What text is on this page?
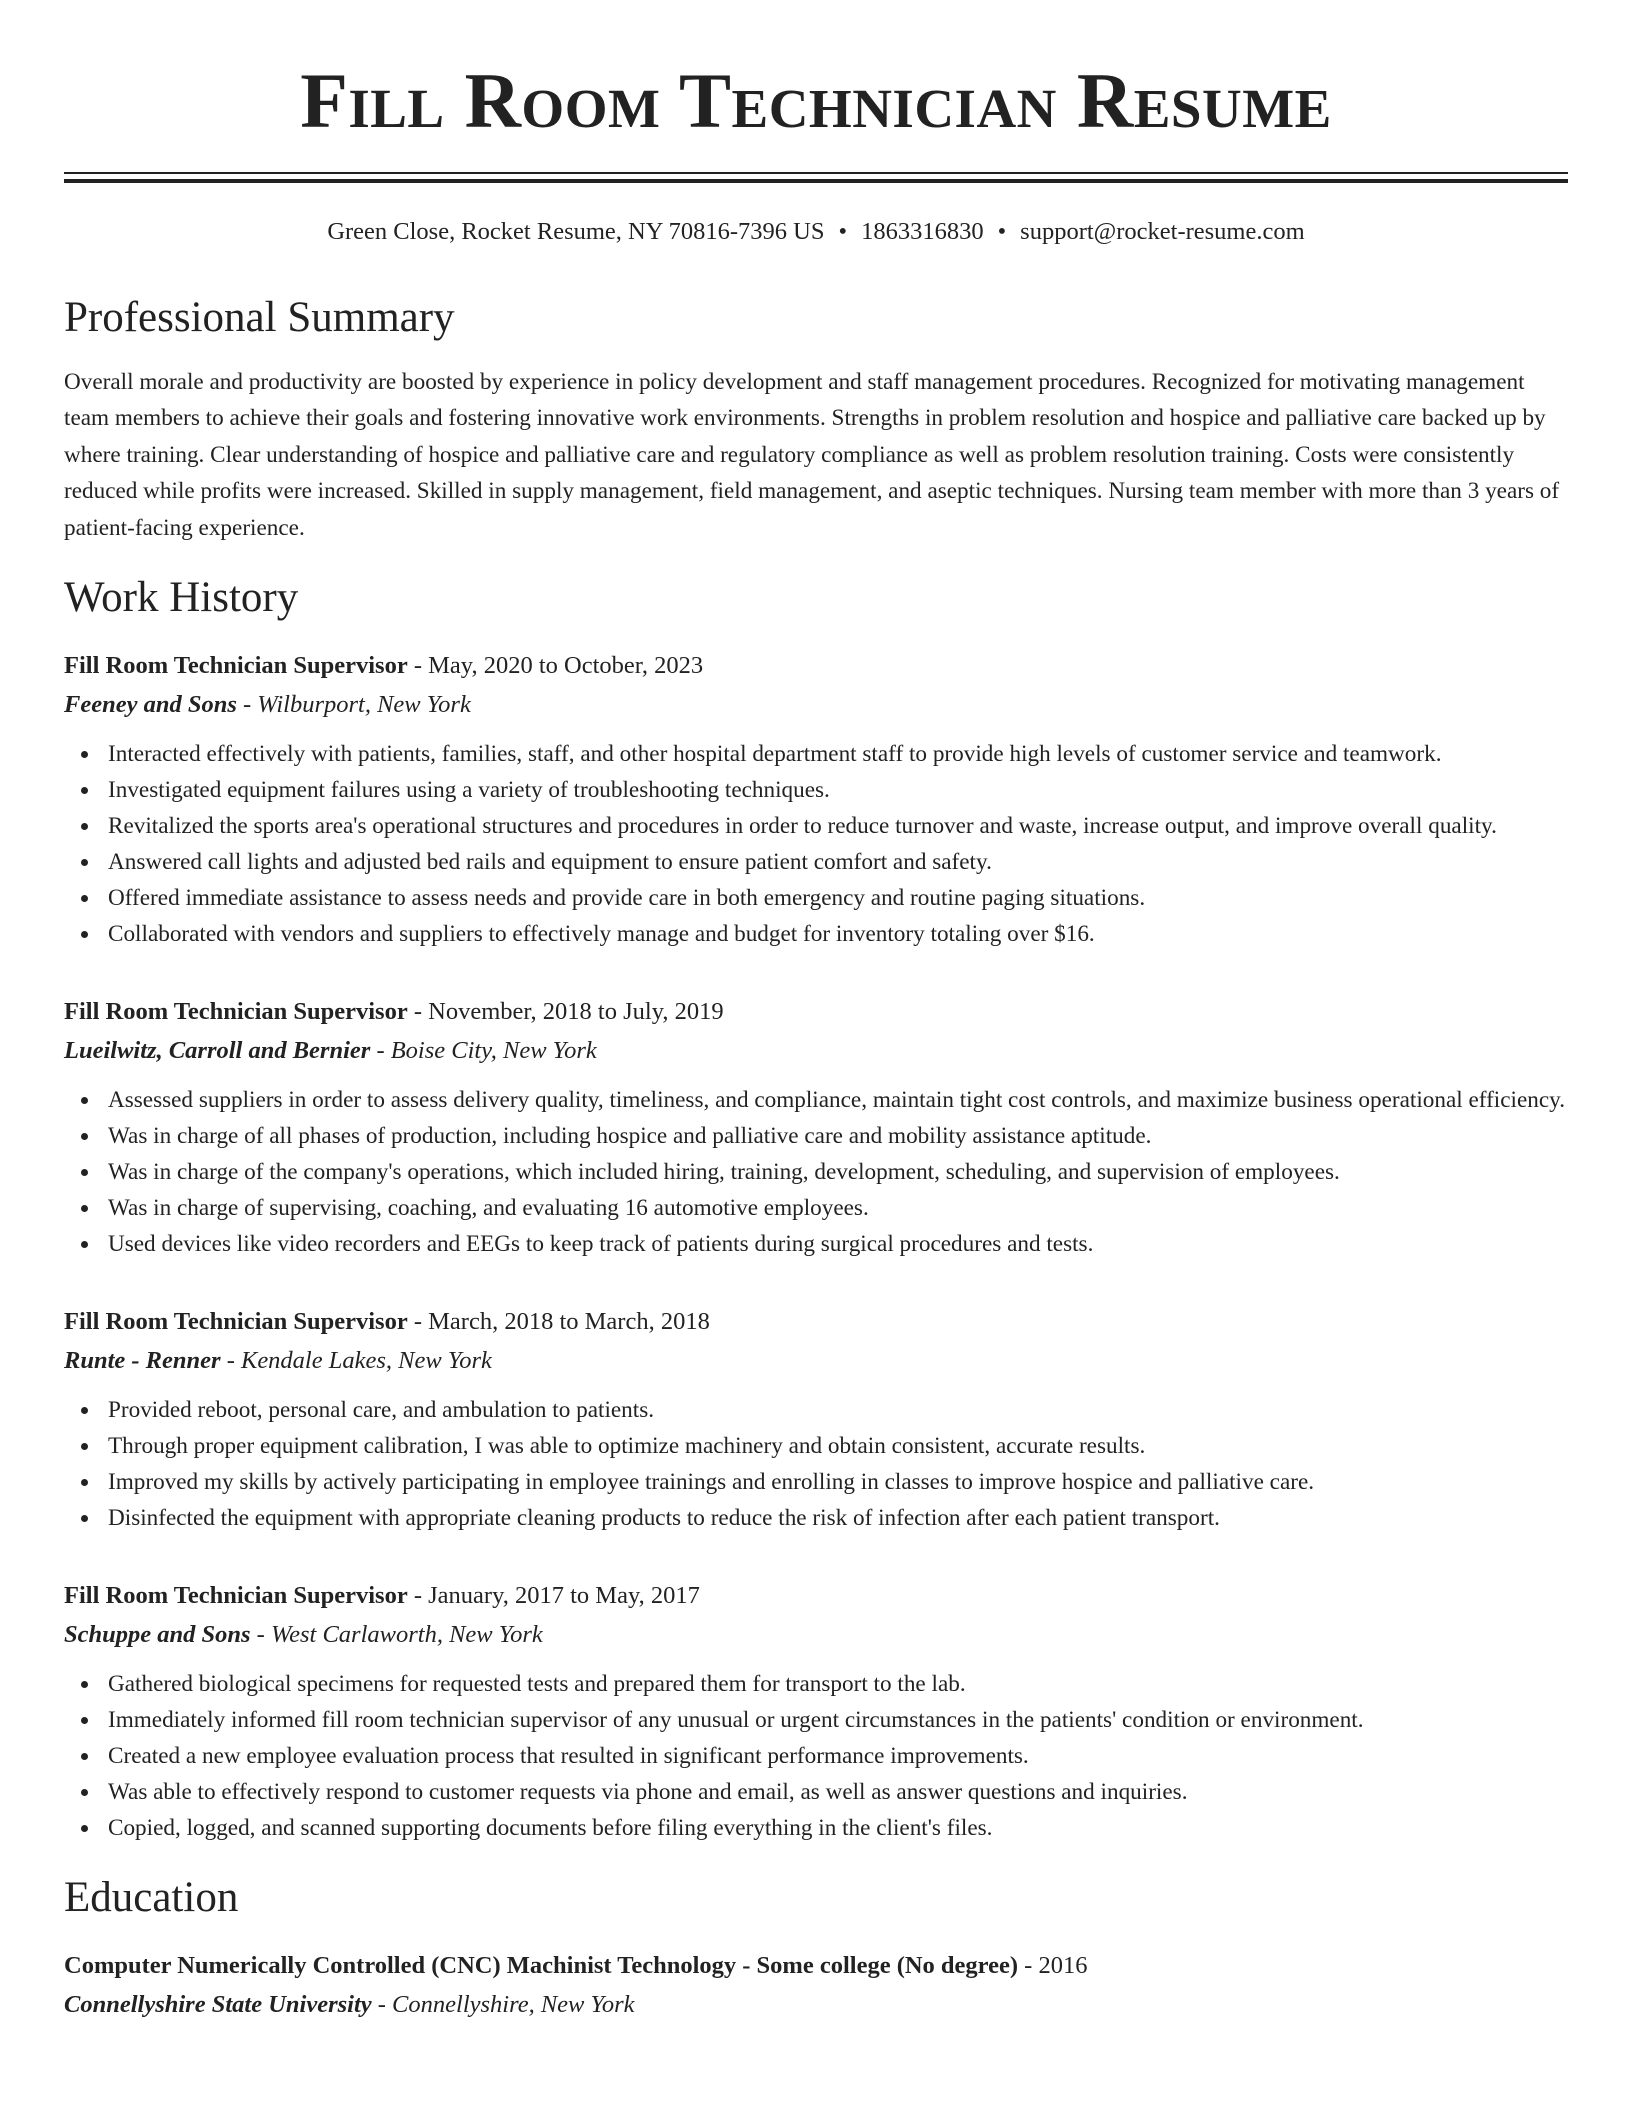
Fill Room Technician Resume
Green Close, Rocket Resume, NY 70816-7396 US • 1863316830 • support@rocket-resume.com
Professional Summary

Overall morale and productivity are boosted by experience in policy development and staff management procedures. Recognized for motivating management team members to achieve their goals and fostering innovative work environments. Strengths in problem resolution and hospice and palliative care backed up by where training. Clear understanding of hospice and palliative care and regulatory compliance as well as problem resolution training. Costs were consistently reduced while profits were increased. Skilled in supply management, field management, and aseptic techniques. Nursing team member with more than 3 years of patient-facing experience.

Work History
Fill Room Technician Supervisor - May, 2020 to October, 2023
Feeney and Sons - Wilburport, New York
Interacted effectively with patients, families, staff, and other hospital department staff to provide high levels of customer service and teamwork.
Investigated equipment failures using a variety of troubleshooting techniques.
Revitalized the sports area's operational structures and procedures in order to reduce turnover and waste, increase output, and improve overall quality.
Answered call lights and adjusted bed rails and equipment to ensure patient comfort and safety.
Offered immediate assistance to assess needs and provide care in both emergency and routine paging situations.
Collaborated with vendors and suppliers to effectively manage and budget for inventory totaling over $16.
Fill Room Technician Supervisor - November, 2018 to July, 2019
Lueilwitz, Carroll and Bernier - Boise City, New York
Assessed suppliers in order to assess delivery quality, timeliness, and compliance, maintain tight cost controls, and maximize business operational efficiency.
Was in charge of all phases of production, including hospice and palliative care and mobility assistance aptitude.
Was in charge of the company's operations, which included hiring, training, development, scheduling, and supervision of employees.
Was in charge of supervising, coaching, and evaluating 16 automotive employees.
Used devices like video recorders and EEGs to keep track of patients during surgical procedures and tests.
Fill Room Technician Supervisor - March, 2018 to March, 2018
Runte - Renner - Kendale Lakes, New York
Provided reboot, personal care, and ambulation to patients.
Through proper equipment calibration, I was able to optimize machinery and obtain consistent, accurate results.
Improved my skills by actively participating in employee trainings and enrolling in classes to improve hospice and palliative care.
Disinfected the equipment with appropriate cleaning products to reduce the risk of infection after each patient transport.
Fill Room Technician Supervisor - January, 2017 to May, 2017
Schuppe and Sons - West Carlaworth, New York
Gathered biological specimens for requested tests and prepared them for transport to the lab.
Immediately informed fill room technician supervisor of any unusual or urgent circumstances in the patients' condition or environment.
Created a new employee evaluation process that resulted in significant performance improvements.
Was able to effectively respond to customer requests via phone and email, as well as answer questions and inquiries.
Copied, logged, and scanned supporting documents before filing everything in the client's files.
Education
Computer Numerically Controlled (CNC) Machinist Technology - Some college (No degree) - 2016
Connellyshire State University - Connellyshire, New York
